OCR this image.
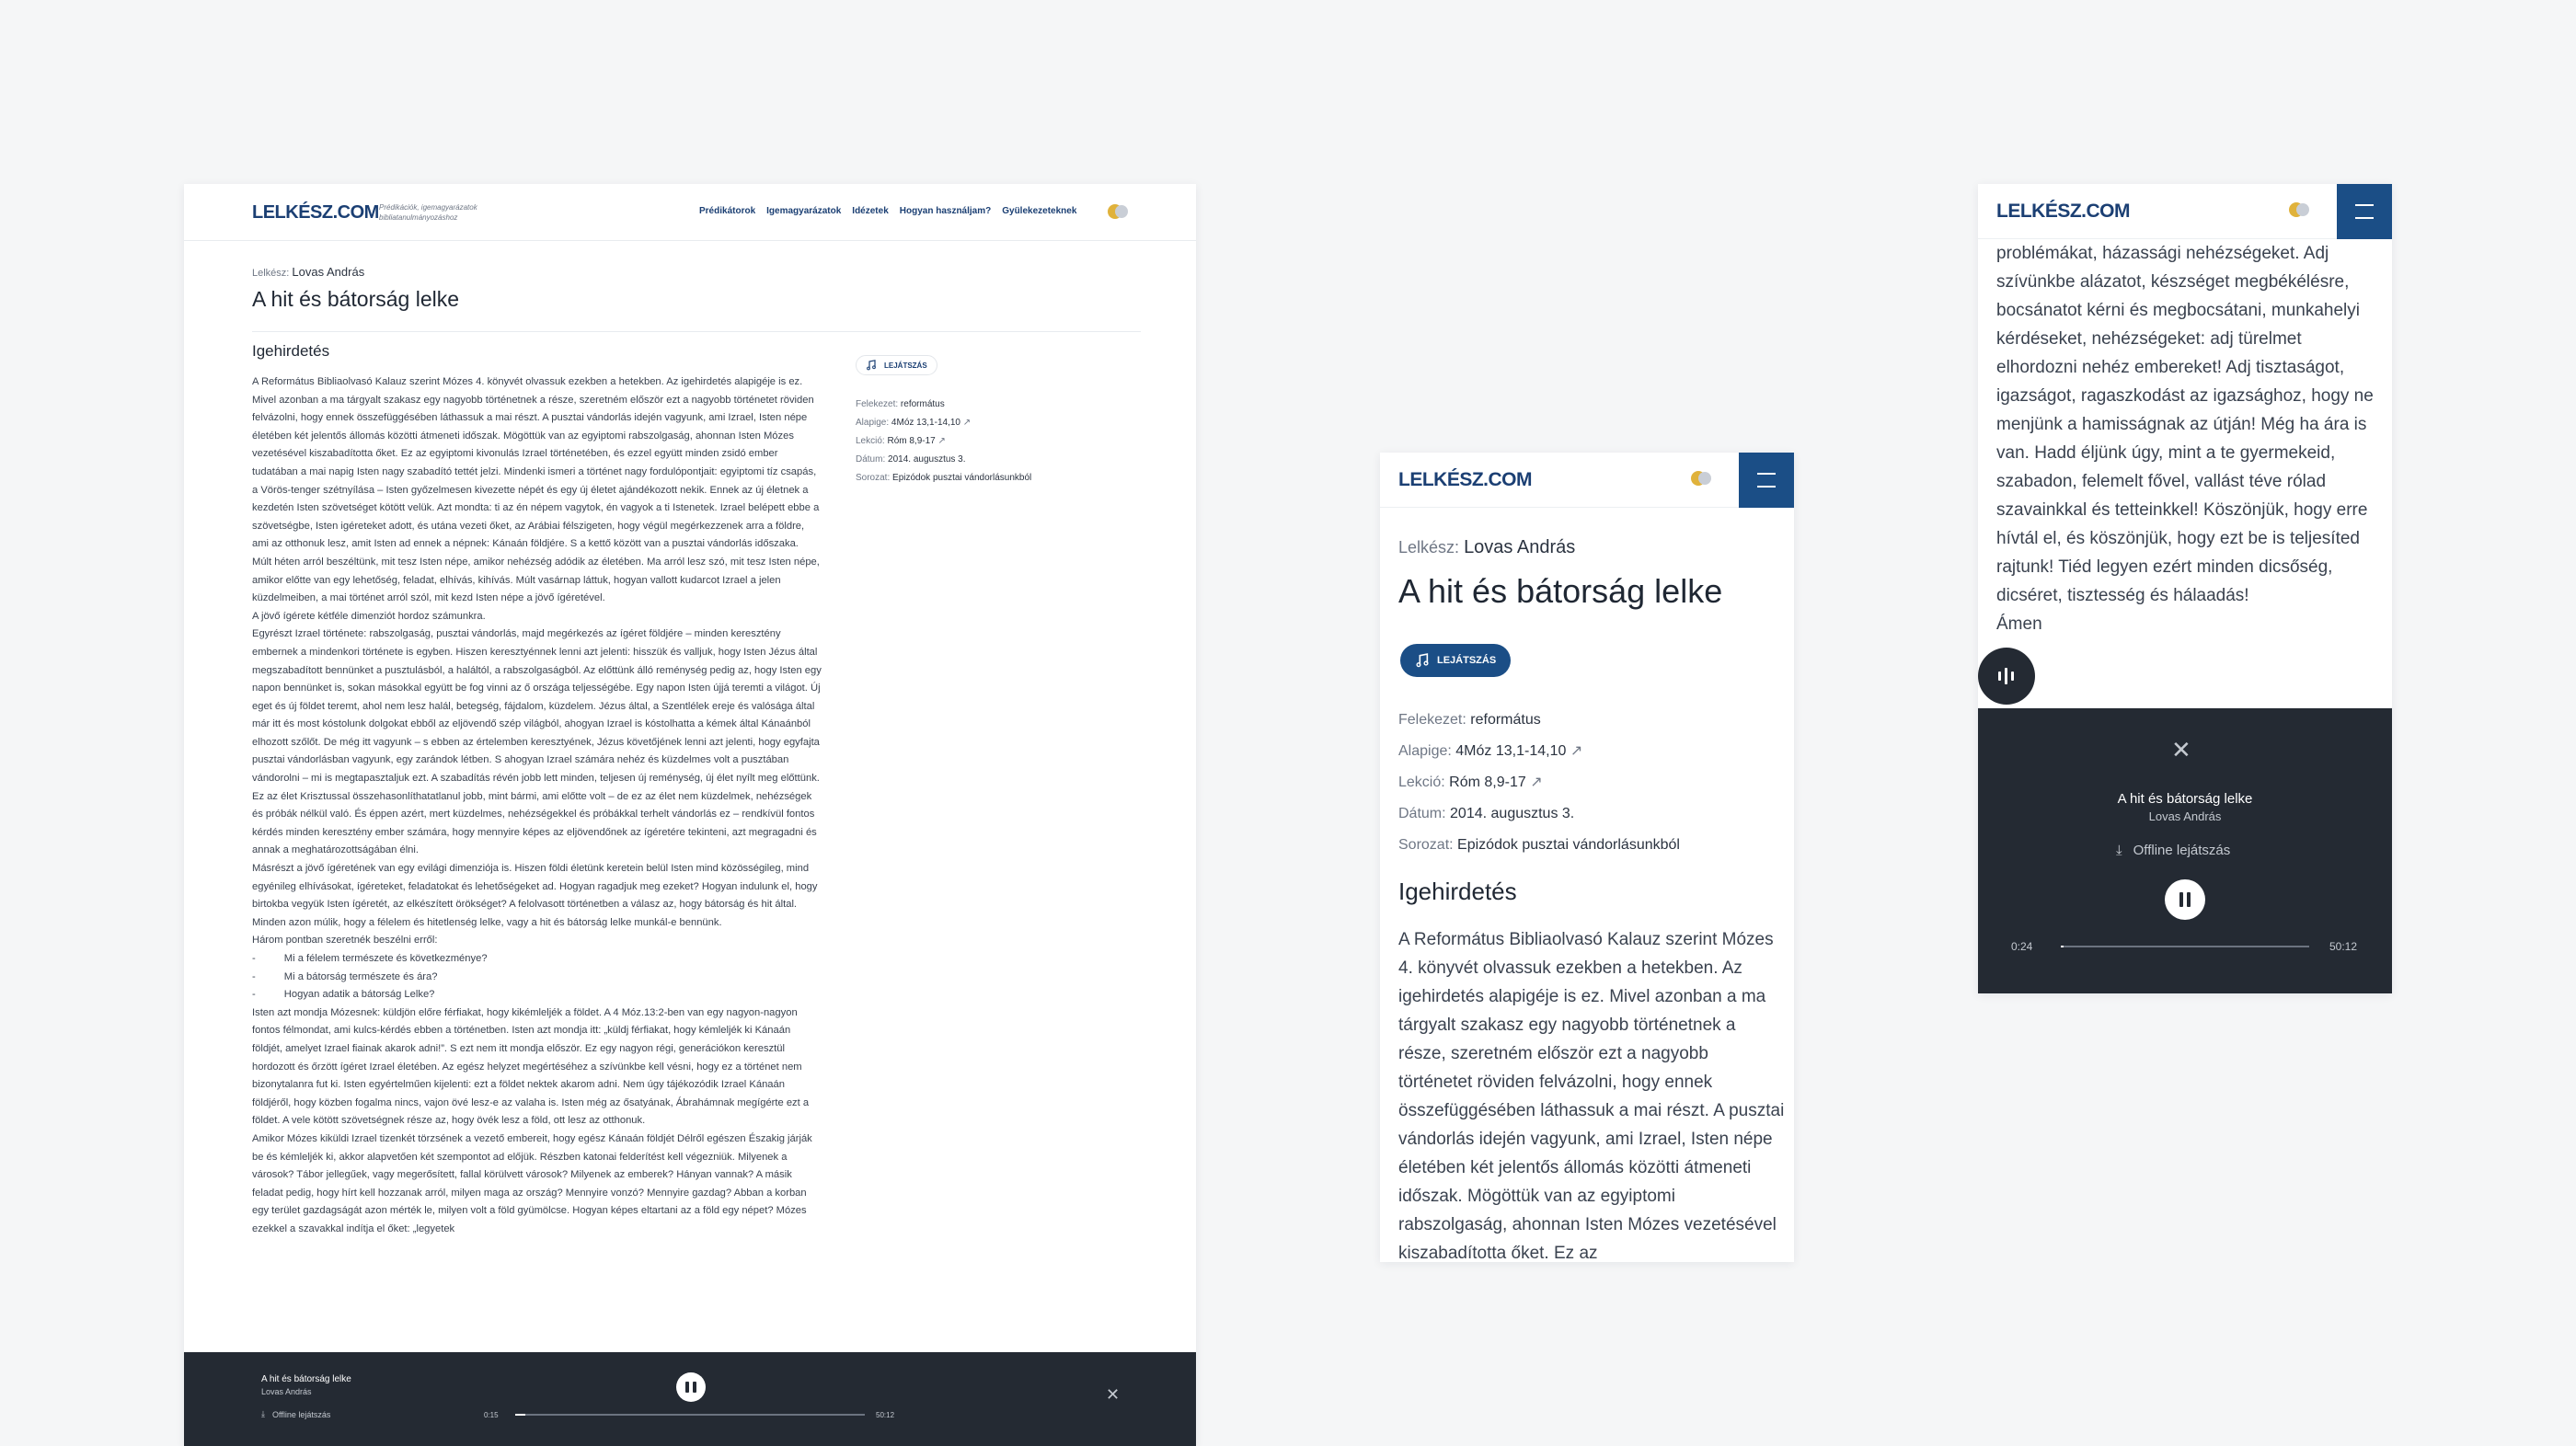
LELKÉSZ.COM Prédikációk, igemagyarázatok bibliatanulmányozáshoz
Prédikátorok Igemagyarázatok Idézetek Hogyan használjam? Gyülekezeteknek
Lelkész: Lovas András
A hit és bátorság lelke
Igehirdetés

A Református Bibliaolvasó Kalauz szerint Mózes 4. könyvét olvassuk ezekben a hetekben. Az igehirdetés alapigéje is ez. Mivel azonban a ma tárgyalt szakasz egy nagyobb történetnek a része, szeretném először ezt a nagyobb történetet röviden felvázolni, hogy ennek összefüggésében láthassuk a mai részt. A pusztai vándorlás idején vagyunk, ami Izrael, Isten népe életében két jelentős állomás közötti átmeneti időszak. Mögöttük van az egyiptomi rabszolgaság, ahonnan Isten Mózes vezetésével kiszabadította őket. Ez az egyiptomi kivonulás Izrael történetében, és ezzel együtt minden zsidó ember tudatában a mai napig Isten nagy szabadító tettét jelzi. Mindenki ismeri a történet nagy fordulópontjait: egyiptomi tíz csapás, a Vörös-tenger szétnyílása – Isten győzelmesen kivezette népét és egy új életet ajándékozott nekik. Ennek az új életnek a kezdetén Isten szövetséget kötött velük. Azt mondta: ti az én népem vagytok, én vagyok a ti Istenetek. Izrael belépett ebbe a szövetségbe, Isten igéreteket adott, és utána vezeti őket, az Arábiai félszigeten, hogy végül megérkezzenek arra a földre, ami az otthonuk lesz, amit Isten ad ennek a népnek: Kánaán földjére. S a kettő között van a pusztai vándorlás időszaka.

Múlt héten arról beszéltünk, mit tesz Isten népe, amikor nehézség adódik az életében. Ma arról lesz szó, mit tesz Isten népe, amikor előtte van egy lehetőség, feladat, elhívás, kihívás. Múlt vasárnap láttuk, hogyan vallott kudarcot Izrael a jelen küzdelmeiben, a mai történet arról szól, mit kezd Isten népe a jövő ígéretével.

A jövő ígérete kétféle dimenziót hordoz számunkra.

Egyrészt Izrael története: rabszolgaság, pusztai vándorlás, majd megérkezés az ígéret földjére – minden keresztény embernek a mindenkori története is egyben. Hiszen keresztyénnek lenni azt jelenti: hisszük és valljuk, hogy Isten Jézus által megszabadított bennünket a pusztulásból, a haláltól, a rabszolgaságból. Az előttünk álló reménység pedig az, hogy Isten egy napon bennünket is, sokan másokkal együtt be fog vinni az ő országa teljességébe. Egy napon Isten újjá teremti a világot. Új eget és új földet teremt, ahol nem lesz halál, betegség, fájdalom, küzdelem. Jézus által, a Szentlélek ereje és valósága által már itt és most kóstolunk dolgokat ebből az eljövendő szép világból, ahogyan Izrael is kóstolhatta a kémek által Kánaánból elhozott szőlőt. De még itt vagyunk – s ebben az értelemben keresztyének, Jézus követőjének lenni azt jelenti, hogy egyfajta pusztai vándorlásban vagyunk, egy zarándok létben. S ahogyan Izrael számára nehéz és küzdelmes volt a pusztában vándorolni – mi is megtapasztaljuk ezt. A szabadítás révén jobb lett minden, teljesen új reménység, új élet nyílt meg előttünk. Ez az élet Krisztussal összehasonlíthatatlanul jobb, mint bármi, ami előtte volt – de ez az élet nem küzdelmek, nehézségek és próbák nélkül való. És éppen azért, mert küzdelmes, nehézségekkel és próbákkal terhelt vándorlás ez – rendkívül fontos kérdés minden keresztény ember számára, hogy mennyire képes az eljövendőnek az ígéretére tekinteni, azt megragadni és annak a meghatározottságában élni.

Másrészt a jövő ígéretének van egy evilági dimenziója is. Hiszen földi életünk keretein belül Isten mind közösségileg, mind egyénileg elhívásokat, ígéreteket, feladatokat és lehetőségeket ad. Hogyan ragadjuk meg ezeket? Hogyan indulunk el, hogy birtokba vegyük Isten ígéretét, az elkészített örökséget? A felolvasott történetben a válasz az, hogy bátorság és hit által. Minden azon múlik, hogy a félelem és hitetlenség lelke, vagy a hit és bátorság lelke munkál-e bennünk.

Három pontban szeretnék beszélni erről:

-          Mi a félelem természete és következménye?

-          Mi a bátorság természete és ára?

-          Hogyan adatik a bátorság Lelke?

Isten azt mondja Mózesnek: küldjön előre férfiakat, hogy kikémleljék a földet. A 4 Móz.13:2-ben van egy nagyon-nagyon fontos félmondat, ami kulcs-kérdés ebben a történetben. Isten azt mondja itt: „küldj férfiakat, hogy kémleljék ki Kánaán földjét, amelyet Izrael fiainak akarok adni!”. S ezt nem itt mondja először. Ez egy nagyon régi, generációkon keresztül hordozott és őrzött ígéret Izrael életében. Az egész helyzet megértéséhez a szívünkbe kell vésni, hogy ez a történet nem bizonytalanra fut ki. Isten egyértelműen kijelenti: ezt a földet nektek akarom adni. Nem úgy tájékozódik Izrael Kánaán földjéről, hogy közben fogalma nincs, vajon övé lesz-e az valaha is. Isten még az ősatyának, Ábrahámnak megígérte ezt a földet. A vele kötött szövetségnek része az, hogy övék lesz a föld, ott lesz az otthonuk.

Amikor Mózes kiküldi Izrael tizenkét törzsének a vezető embereit, hogy egész Kánaán földjét Délről egészen Északig járják be és kémleljék ki, akkor alapvetően két szempontot ad előjük. Részben katonai felderítést kell végezniük. Milyenek a városok? Tábor jellegűek, vagy megerősített, fallal körülvett városok? Milyenek az emberek? Hányan vannak? A másik feladat pedig, hogy hírt kell hozzanak arról, milyen maga az ország? Mennyire vonzó? Mennyire gazdag? Abban a korban egy terület gazdagságát azon mérték le, milyen volt a föld gyümölcse. Hogyan képes eltartani az a föld egy népet? Mózes ezekkel a szavakkal indítja el őket: „legyetek

LEJÁTSZÁS
Felekezet: református
Alapige: 4Móz 13,1-14,10 ↗
Lekció: Róm 8,9-17 ↗
Dátum: 2014. augusztus 3.
Sorozat: Epizódok pusztai vándorlásunkból
A hit és bátorság lelke
Lovas András
⤓ Offline lejátszás	0:15	50:12
✕
LELKÉSZ.COM
Lelkész: Lovas András
A hit és bátorság lelke
LEJÁTSZÁS
Felekezet: református
Alapige: 4Móz 13,1-14,10 ↗
Lekció: Róm 8,9-17 ↗
Dátum: 2014. augusztus 3.
Sorozat: Epizódok pusztai vándorlásunkból
Igehirdetés
A Református Bibliaolvasó Kalauz szerint Mózes 4. könyvét olvassuk ezekben a hetekben. Az igehirdetés alapigéje is ez. Mivel azonban a ma tárgyalt szakasz egy nagyobb történetnek a része, szeretném először ezt a nagyobb történetet röviden felvázolni, hogy ennek összefüggésében láthassuk a mai részt. A pusztai vándorlás idején vagyunk, ami Izrael, Isten népe életében két jelentős állomás közötti átmeneti időszak. Mögöttük van az egyiptomi rabszolgaság, ahonnan Isten Mózes vezetésével kiszabadította őket. Ez az
problémákat, házassági nehézségeket. Adj szívünkbe alázatot, készséget megbékélésre, bocsánatot kérni és megbocsátani, munkahelyi kérdéseket, nehézségeket: adj türelmet elhordozni nehéz embereket! Adj tisztaságot, igazságot, ragaszkodást az igazsághoz, hogy ne menjünk a hamisságnak az útján! Még ha ára is van. Hadd éljünk úgy, mint a te gyermekeid, szabadon, felemelt fővel, vallást téve rólad szavainkkal és tetteinkkel! Köszönjük, hogy erre hívtál el, és köszönjük, hogy ezt be is teljesíted rajtunk! Tiéd legyen ezért minden dicsőség, dicséret, tisztesség és hálaadás!
Ámen
LELKÉSZ.COM
✕
A hit és bátorság lelke
Lovas András
⤓ Offline lejátszás
0:24	50:12
